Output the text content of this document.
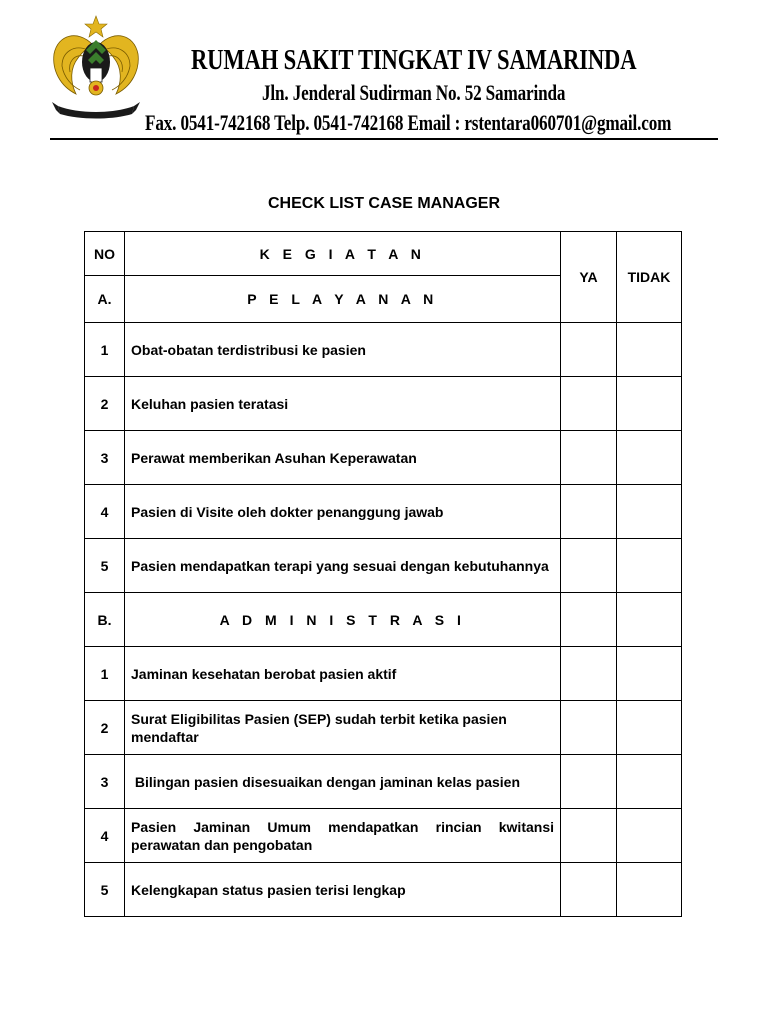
RUMAH SAKIT TINGKAT IV SAMARINDA
Jln. Jenderal Sudirman No. 52 Samarinda
Fax. 0541-742168 Telp. 0541-742168 Email : rstentara060701@gmail.com
CHECK LIST CASE MANAGER
NO	K E G I A T A N	YA	TIDAK
A.	P E L A Y A N A N		
1	Obat-obatan terdistribusi ke pasien		
2	Keluhan pasien teratasi		
3	Perawat memberikan Asuhan Keperawatan		
4	Pasien di Visite oleh dokter penanggung jawab		
5	Pasien mendapatkan terapi yang sesuai dengan kebutuhannya		
B.	A D M I N I S T R A S I		
1	Jaminan kesehatan berobat pasien aktif		
2	Surat Eligibilitas Pasien (SEP) sudah terbit ketika pasien mendaftar		
3	Bilingan pasien disesuaikan dengan jaminan kelas pasien		
4	Pasien Jaminan Umum mendapatkan rincian kwitansi perawatan dan pengobatan		
5	Kelengkapan status pasien terisi lengkap		
